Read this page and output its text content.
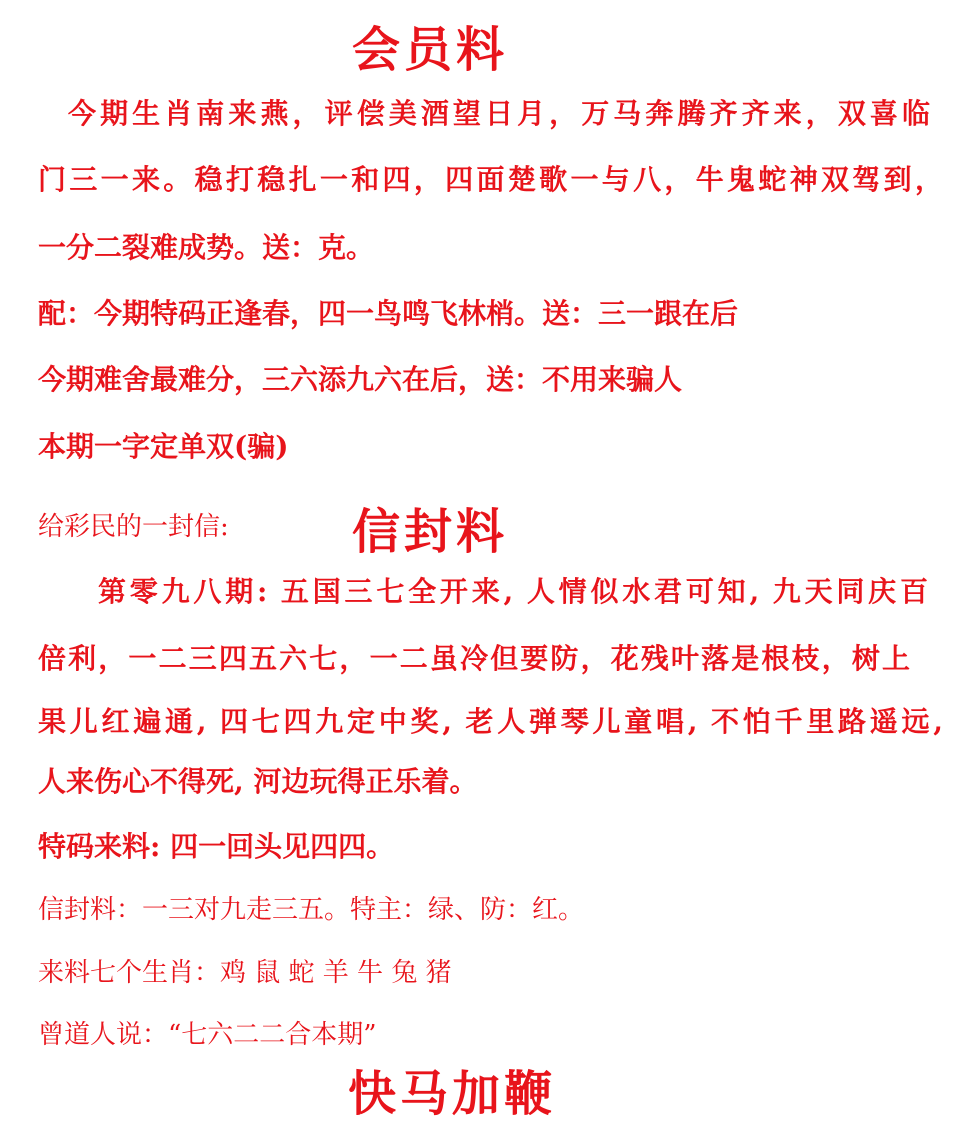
会员料
今期生肖南来燕，评偿美酒望日月，万马奔腾齐齐来，双喜临
门三一来。稳打稳扎一和四，四面楚歌一与八，牛鬼蛇神双驾到，
一分二裂难成势。送：克。
配：今期特码正逢春，四一鸟鸣飞林梢。送：三一跟在后
今期难舍最难分，三六添九六在后，送：不用来骗人
本期一字定单双(骗)
给彩民的一封信:	信封料
第零九八期: 五国三七全开来, 人情似水君可知, 九天同庆百
倍利，一二三四五六七，一二虽冷但要防，花残叶落是根枝，树上
果儿红遍通, 四七四九定中奖, 老人弹琴儿童唱, 不怕千里路遥远,
人来伤心不得死, 河边玩得正乐着。
特码来料: 四一回头见四四。
信封料：一三对九走三五。特主：绿、防：红。
来料七个生肖：鸡 鼠 蛇 羊 牛 兔 猪
曾道人说：“七六二二合本期”
快马加鞭
